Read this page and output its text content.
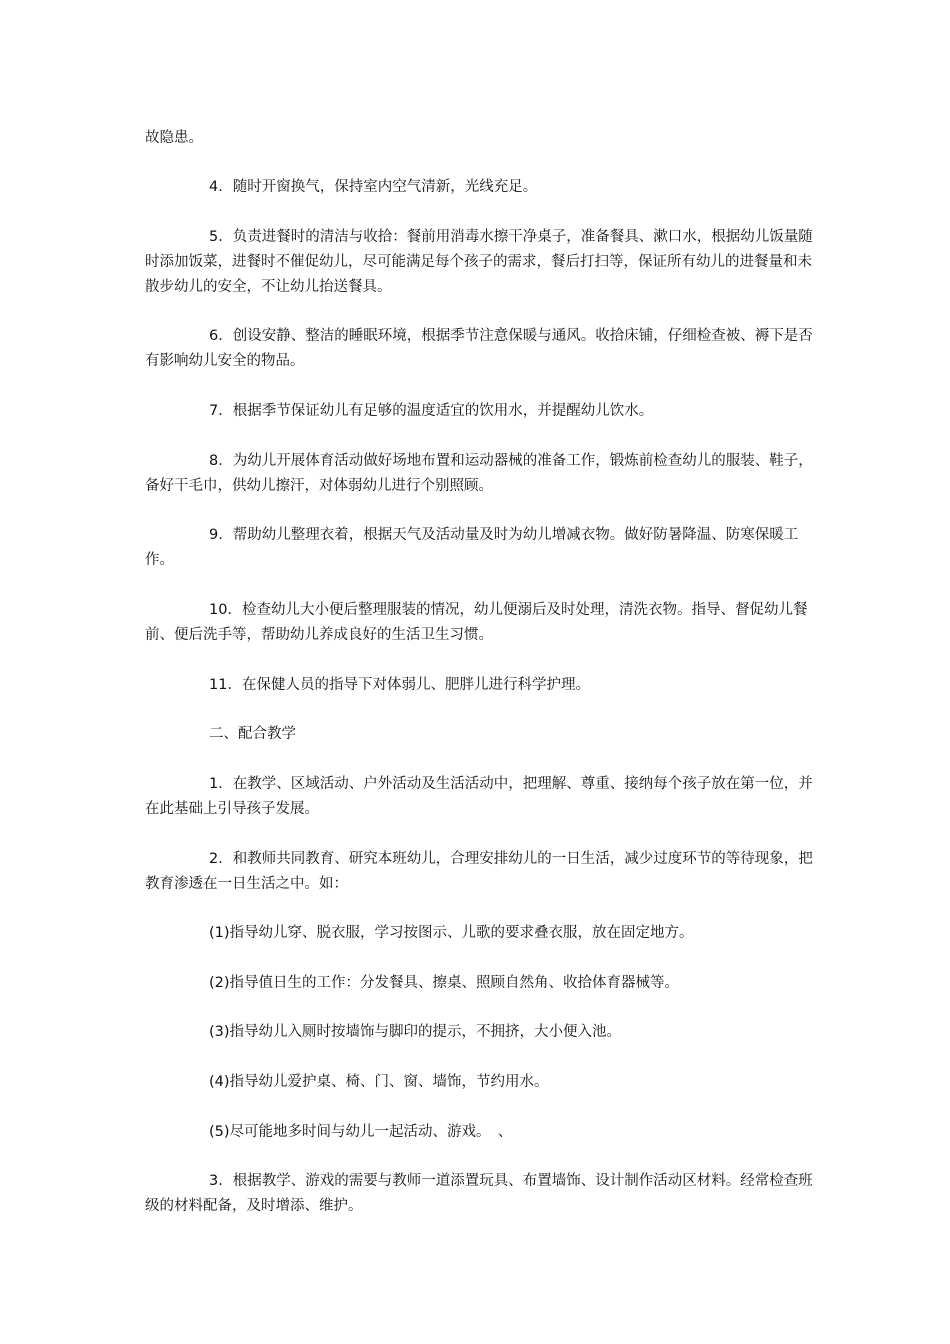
故隐患。

4．随时开窗换气，保持室内空气清新，光线充足。

5．负责进餐时的清洁与收拾：餐前用消毒水擦干净桌子，准备餐具、漱口水，根据幼儿饭量随时添加饭菜，进餐时不催促幼儿，尽可能满足每个孩子的需求，餐后打扫等，保证所有幼儿的进餐量和未散步幼儿的安全，不让幼儿抬送餐具。

6．创设安静、整洁的睡眠环境，根据季节注意保暖与通风。收拾床铺，仔细检查被、褥下是否有影响幼儿安全的物品。

7．根据季节保证幼儿有足够的温度适宜的饮用水，并提醒幼儿饮水。

8．为幼儿开展体育活动做好场地布置和运动器械的准备工作，锻炼前检查幼儿的服装、鞋子，备好干毛巾，供幼儿擦汗，对体弱幼儿进行个别照顾。

9．帮助幼儿整理衣着，根据天气及活动量及时为幼儿增减衣物。做好防暑降温、防寒保暖工作。

10．检查幼儿大小便后整理服装的情况，幼儿便溺后及时处理，清洗衣物。指导、督促幼儿餐前、便后洗手等，帮助幼儿养成良好的生活卫生习惯。

11．在保健人员的指导下对体弱儿、肥胖儿进行科学护理。

二、配合教学

1．在教学、区域活动、户外活动及生活活动中，把理解、尊重、接纳每个孩子放在第一位，并在此基础上引导孩子发展。

2．和教师共同教育、研究本班幼儿，合理安排幼儿的一日生活，减少过度环节的等待现象，把教育渗透在一日生活之中。如：

(1)指导幼儿穿、脱衣服，学习按图示、儿歌的要求叠衣服，放在固定地方。

(2)指导值日生的工作：分发餐具、擦桌、照顾自然角、收拾体育器械等。

(3)指导幼儿入厕时按墙饰与脚印的提示，不拥挤，大小便入池。

(4)指导幼儿爱护桌、椅、门、窗、墙饰，节约用水。

(5)尽可能地多时间与幼儿一起活动、游戏。　、

3．根据教学、游戏的需要与教师一道添置玩具、布置墙饰、设计制作活动区材料。经常检查班级的材料配备，及时增添、维护。
